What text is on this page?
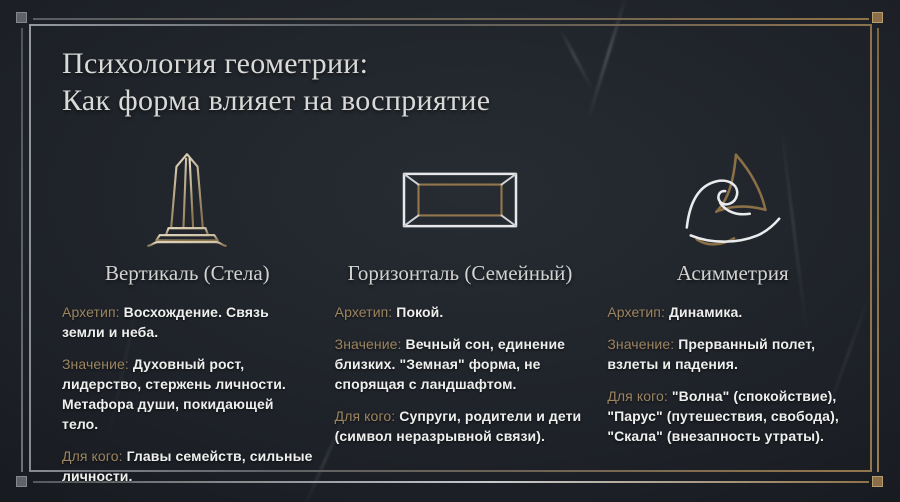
Психология геометрии:
Как форма влияет на восприятие
Вертикаль (Стела)

Архетип: Восхождение. Связь земли и неба.

Значение: Духовный рост, лидерство, стержень личности. Метафора души, покидающей тело.

Для кого: Главы семейств, сильные личности.

Горизонталь (Семейный)

Архетип: Покой.

Значение: Вечный сон, единение близких. "Земная" форма, не спорящая с ландшафтом.

Для кого: Супруги, родители и дети (символ неразрывной связи).

Асимметрия

Архетип: Динамика.

Значение: Прерванный полет, взлеты и падения.

Для кого: "Волна" (спокойствие), "Парус" (путешествия, свобода), "Скала" (внезапность утраты).
